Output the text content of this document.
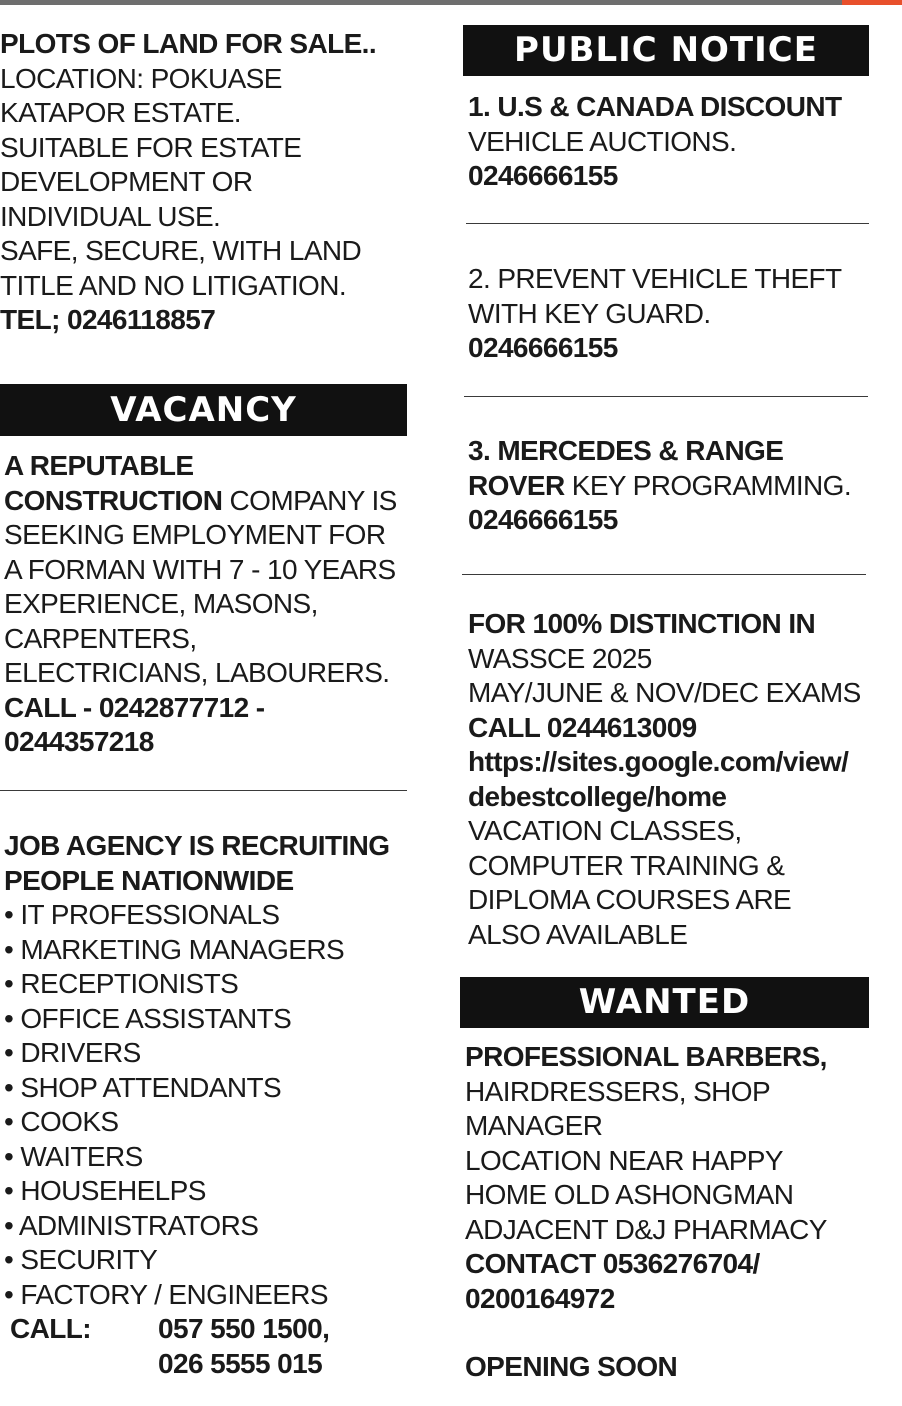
PLOTS OF LAND FOR SALE..
LOCATION: POKUASE
KATAPOR ESTATE.
SUITABLE FOR ESTATE
DEVELOPMENT OR
INDIVIDUAL USE.
SAFE, SECURE, WITH LAND
TITLE AND NO LITIGATION.
TEL; 0246118857
VACANCY
A REPUTABLE
CONSTRUCTION COMPANY IS
SEEKING EMPLOYMENT FOR
A FORMAN WITH 7 - 10 YEARS
EXPERIENCE, MASONS,
CARPENTERS,
ELECTRICIANS, LABOURERS.
CALL - 0242877712 -
0244357218
JOB AGENCY IS RECRUITING
PEOPLE NATIONWIDE
• IT PROFESSIONALS
• MARKETING MANAGERS
• RECEPTIONISTS
• OFFICE ASSISTANTS
• DRIVERS
• SHOP ATTENDANTS
• COOKS
• WAITERS
• HOUSEHELPS
• ADMINISTRATORS
• SECURITY
• FACTORY / ENGINEERS
CALL: 057 550 1500,
026 5555 015
PUBLIC NOTICE
1. U.S & CANADA DISCOUNT
VEHICLE AUCTIONS.
0246666155
2. PREVENT VEHICLE THEFT
WITH KEY GUARD.
0246666155
3. MERCEDES & RANGE
ROVER KEY PROGRAMMING.
0246666155
FOR 100% DISTINCTION IN
WASSCE 2025
MAY/JUNE & NOV/DEC EXAMS
CALL 0244613009
https://sites.google.com/view/
debestcollege/home
VACATION CLASSES,
COMPUTER TRAINING &
DIPLOMA COURSES ARE
ALSO AVAILABLE
WANTED
PROFESSIONAL BARBERS,
HAIRDRESSERS, SHOP
MANAGER
LOCATION NEAR HAPPY
HOME OLD ASHONGMAN
ADJACENT D&J PHARMACY
CONTACT 0536276704/
0200164972
OPENING SOON
